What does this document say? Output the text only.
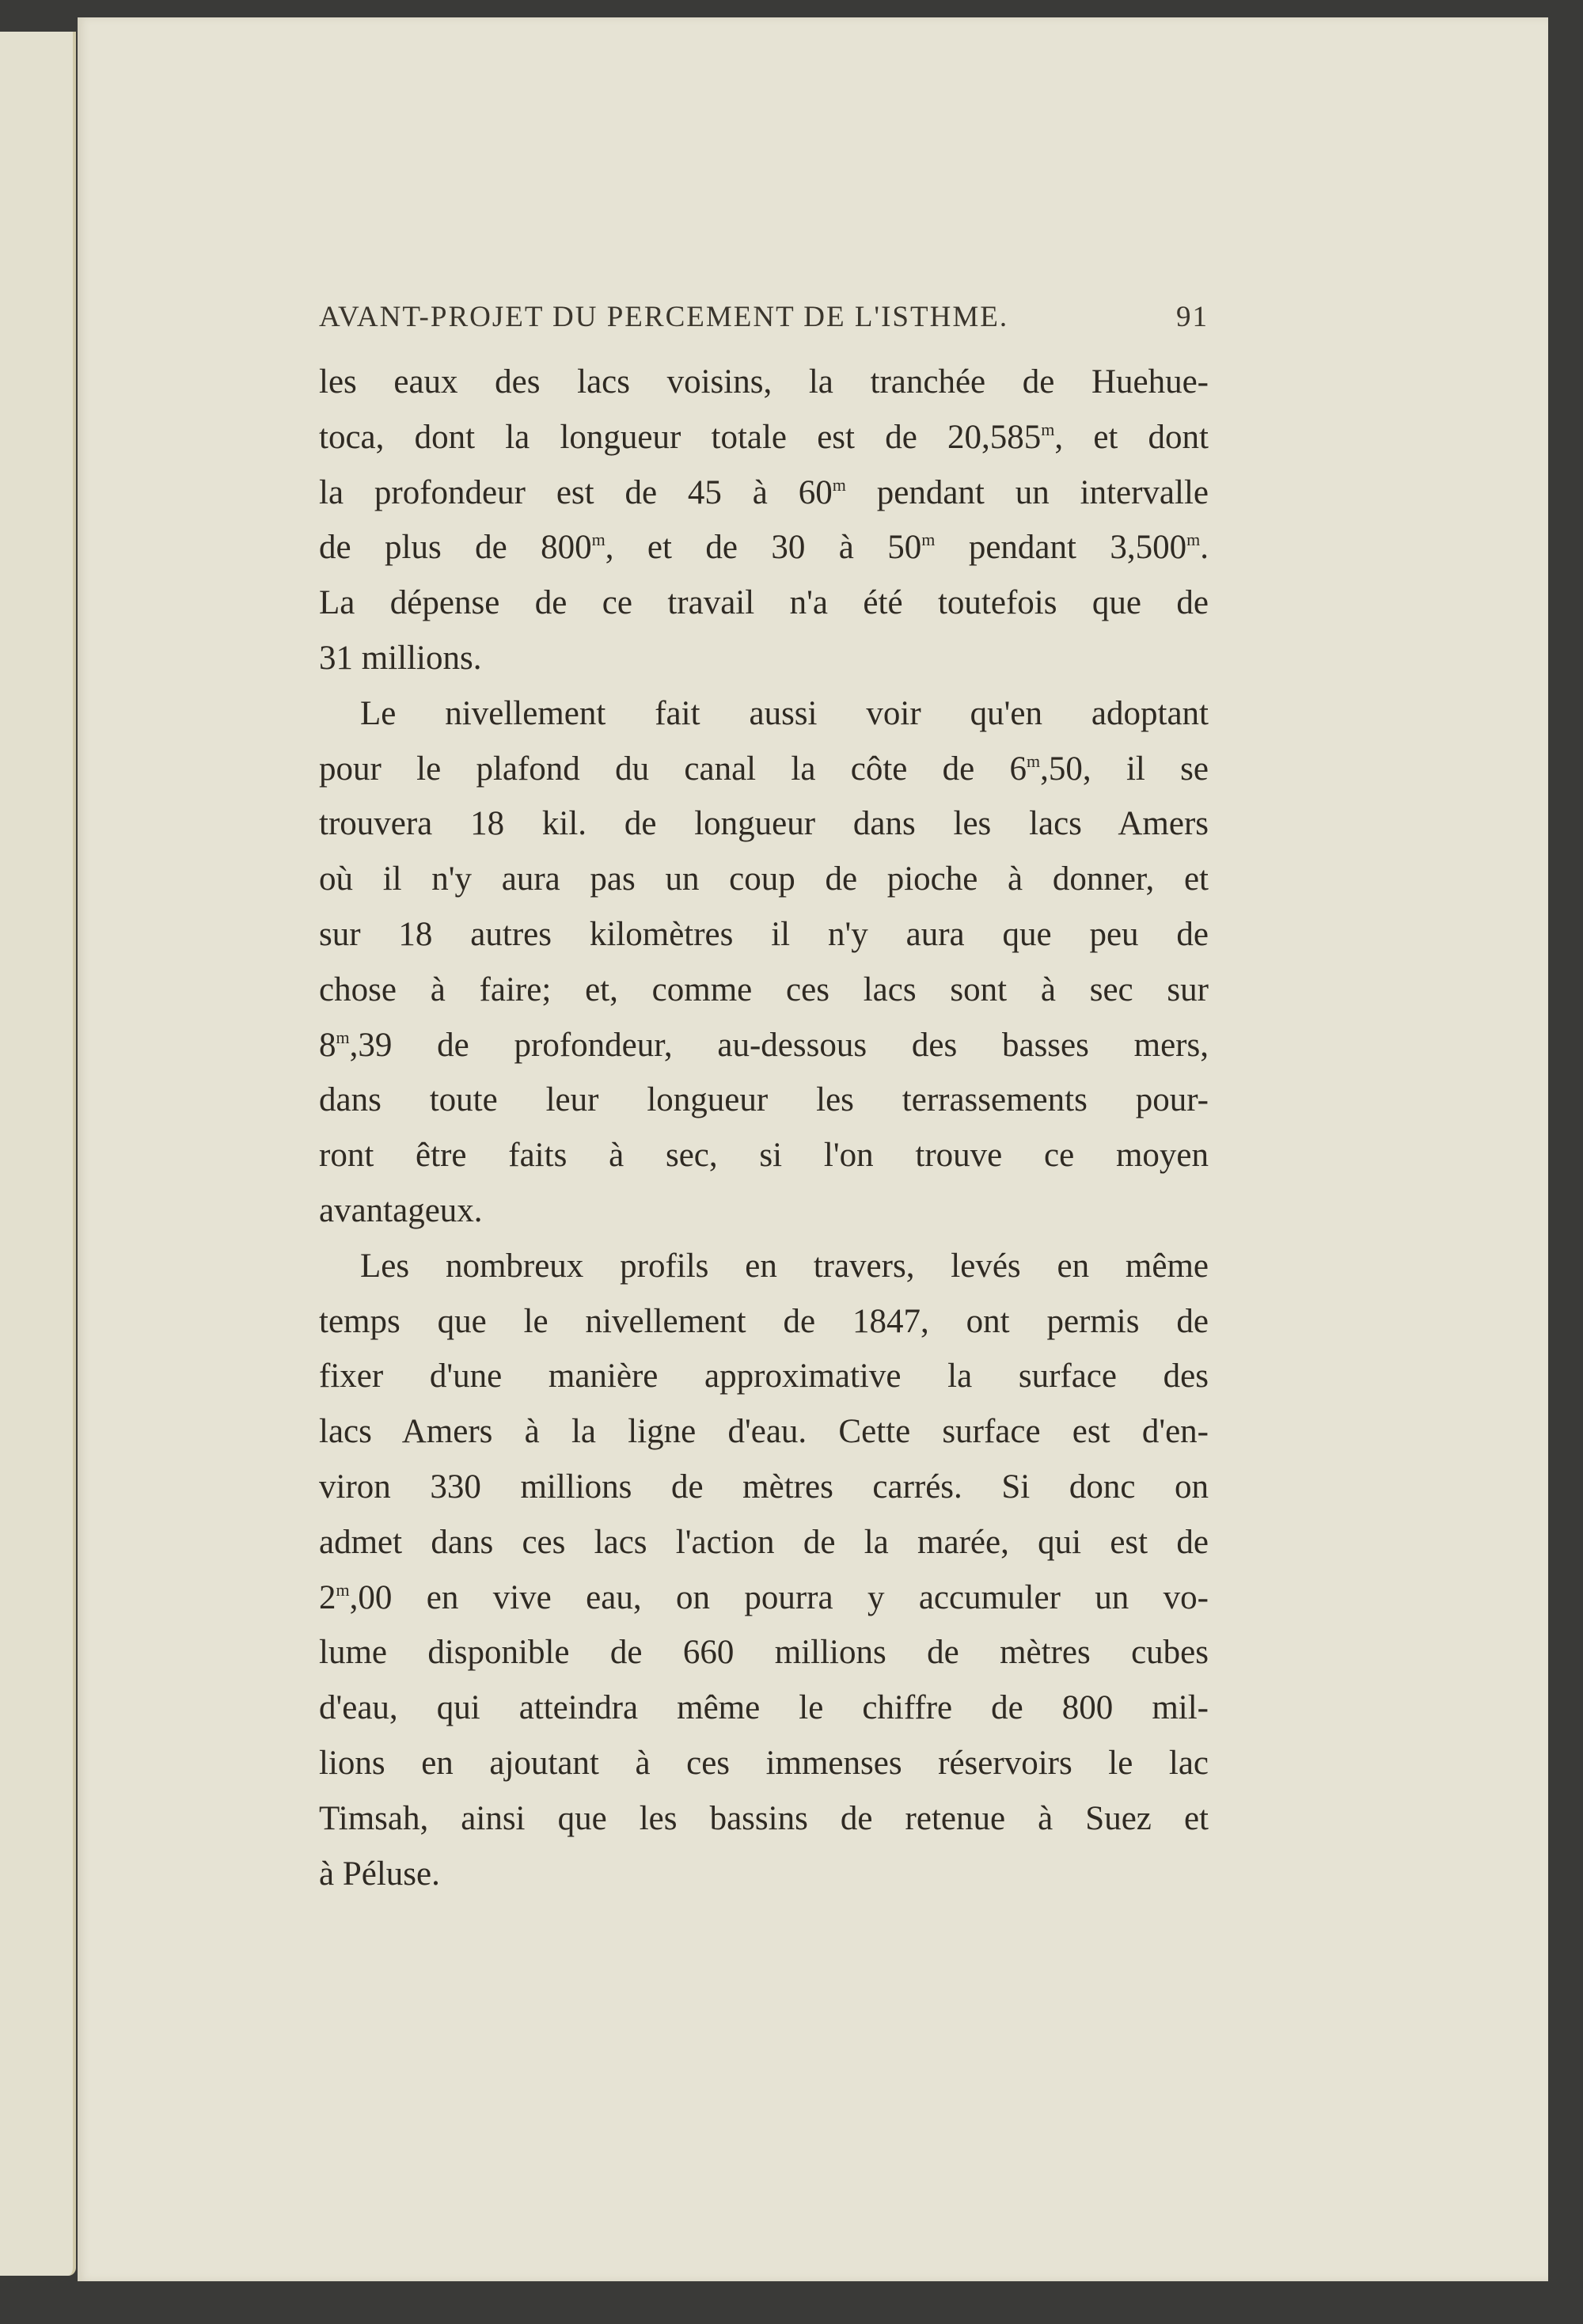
AVANT-PROJET DU PERCEMENT DE L'ISTHME.	91
les eaux des lacs voisins, la tranchée de Huehue-
toca, dont la longueur totale est de 20,585$^m$, et dont
la profondeur est de 45 à 60$^m$ pendant un intervalle
de plus de 800$^m$, et de 30 à 50$^m$ pendant 3,500$^m$.
La dépense de ce travail n'a été toutefois que de
31 millions.
Le nivellement fait aussi voir qu'en adoptant
pour le plafond du canal la côte de 6$^m$,50, il se
trouvera 18 kil. de longueur dans les lacs Amers
où il n'y aura pas un coup de pioche à donner, et
sur 18 autres kilomètres il n'y aura que peu de
chose à faire; et, comme ces lacs sont à sec sur
8$^m$,39 de profondeur, au-dessous des basses mers,
dans toute leur longueur les terrassements pour-
ront être faits à sec, si l'on trouve ce moyen
avantageux.
Les nombreux profils en travers, levés en même
temps que le nivellement de 1847, ont permis de
fixer d'une manière approximative la surface des
lacs Amers à la ligne d'eau. Cette surface est d'en-
viron 330 millions de mètres carrés. Si donc on
admet dans ces lacs l'action de la marée, qui est de
2$^m$,00 en vive eau, on pourra y accumuler un vo-
lume disponible de 660 millions de mètres cubes
d'eau, qui atteindra même le chiffre de 800 mil-
lions en ajoutant à ces immenses réservoirs le lac
Timsah, ainsi que les bassins de retenue à Suez et
à Péluse.
